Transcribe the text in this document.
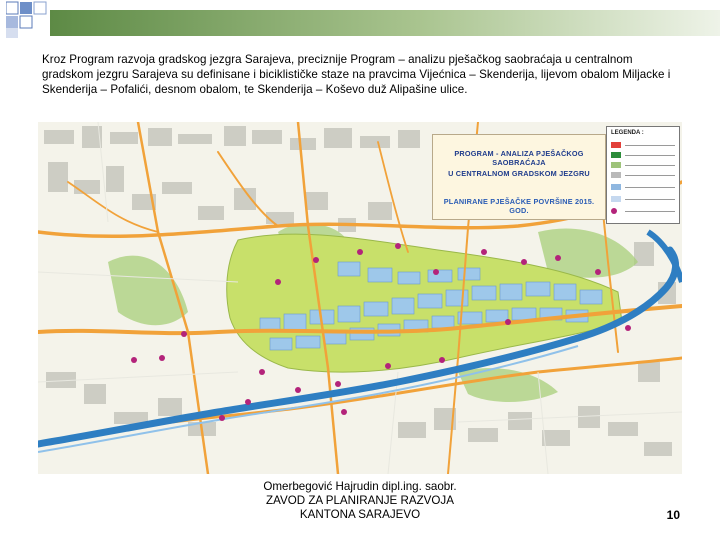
Kroz Program razvoja gradskog jezgra Sarajeva, preciznije Program – analizu pješačkog saobraćaja u centralnom gradskom jezgru Sarajeva su definisane i biciklističke staze na pravcima Vijećnica – Skenderija, lijevom obalom Miljacke i Skenderija – Pofalići, desnom obalom, te Skenderija – Koševo duž Alipašine ulice.
PROGRAM - ANALIZA PJEŠAČKOG SAOBRAĆAJA
U CENTRALNOM GRADSKOM JEZGRU
PLANIRANE PJEŠAČKE POVRŠINE 2015. GOD.
LEGENDA :
Omerbegović Hajrudin dipl.ing. saobr.
ZAVOD ZA PLANIRANJE RAZVOJA
KANTONA SARAJEVO	10
